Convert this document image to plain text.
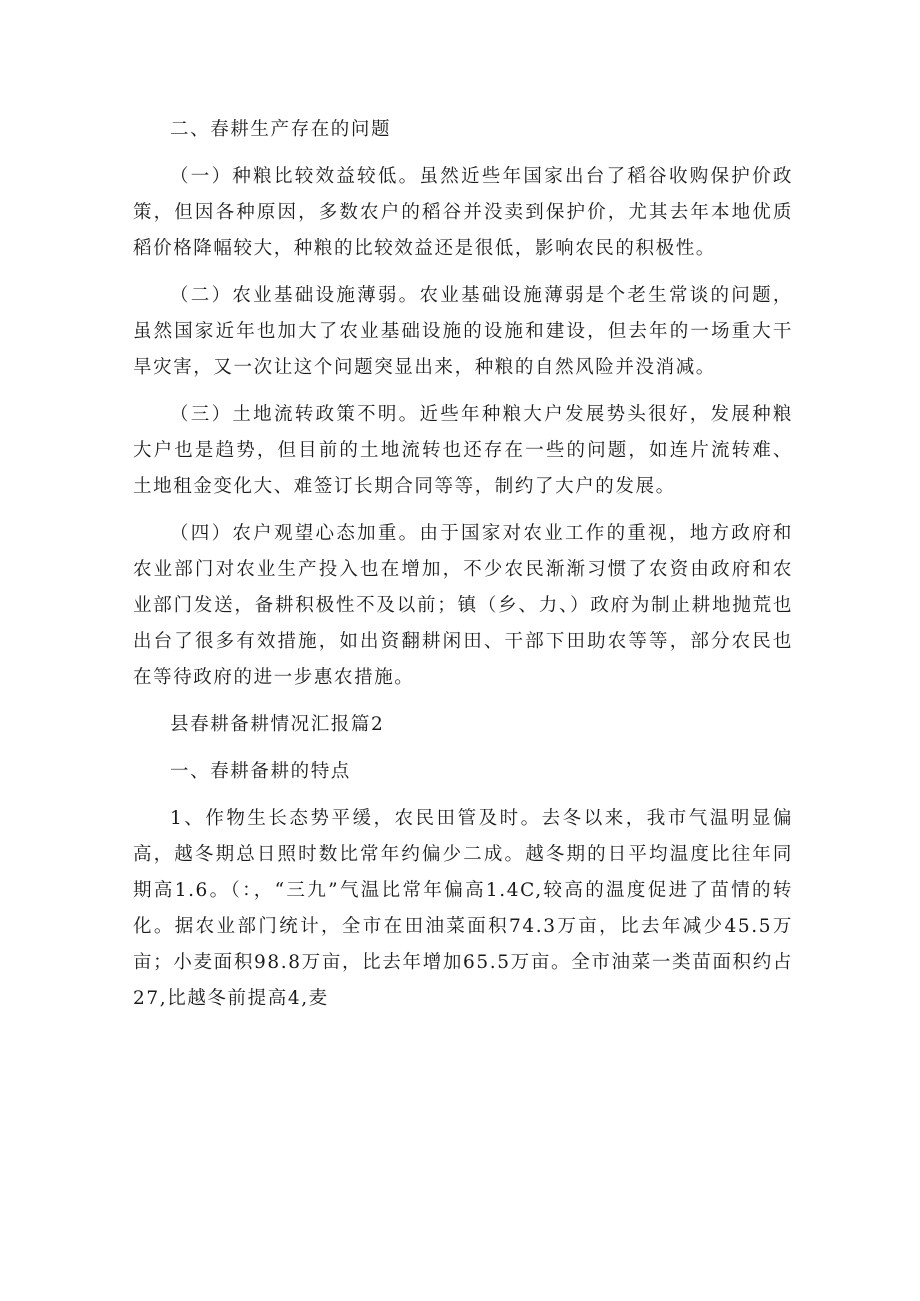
二、春耕生产存在的问题

（一）种粮比较效益较低。虽然近些年国家出台了稻谷收购保护价政策，但因各种原因，多数农户的稻谷并没卖到保护价，尤其去年本地优质稻价格降幅较大，种粮的比较效益还是很低，影响农民的积极性。

（二）农业基础设施薄弱。农业基础设施薄弱是个老生常谈的问题，虽然国家近年也加大了农业基础设施的设施和建设，但去年的一场重大干旱灾害，又一次让这个问题突显出来，种粮的自然风险并没消减。

（三）土地流转政策不明。近些年种粮大户发展势头很好，发展种粮大户也是趋势，但目前的土地流转也还存在一些的问题，如连片流转难、土地租金变化大、难签订长期合同等等，制约了大户的发展。

（四）农户观望心态加重。由于国家对农业工作的重视，地方政府和农业部门对农业生产投入也在增加，不少农民渐渐习惯了农资由政府和农业部门发送，备耕积极性不及以前；镇（乡、力、）政府为制止耕地抛荒也出台了很多有效措施，如出资翻耕闲田、干部下田助农等等，部分农民也在等待政府的进一步惠农措施。

县春耕备耕情况汇报篇2

一、春耕备耕的特点

1、作物生长态势平缓，农民田管及时。去冬以来，我市气温明显偏高，越冬期总日照时数比常年约偏少二成。越冬期的日平均温度比往年同期高1.6。（：，“三九”气温比常年偏高1.4C,较高的温度促进了苗情的转化。据农业部门统计，全市在田油菜面积74.3万亩，比去年减少45.5万亩；小麦面积98.8万亩，比去年增加65.5万亩。全市油菜一类苗面积约占27,比越冬前提高4,麦
